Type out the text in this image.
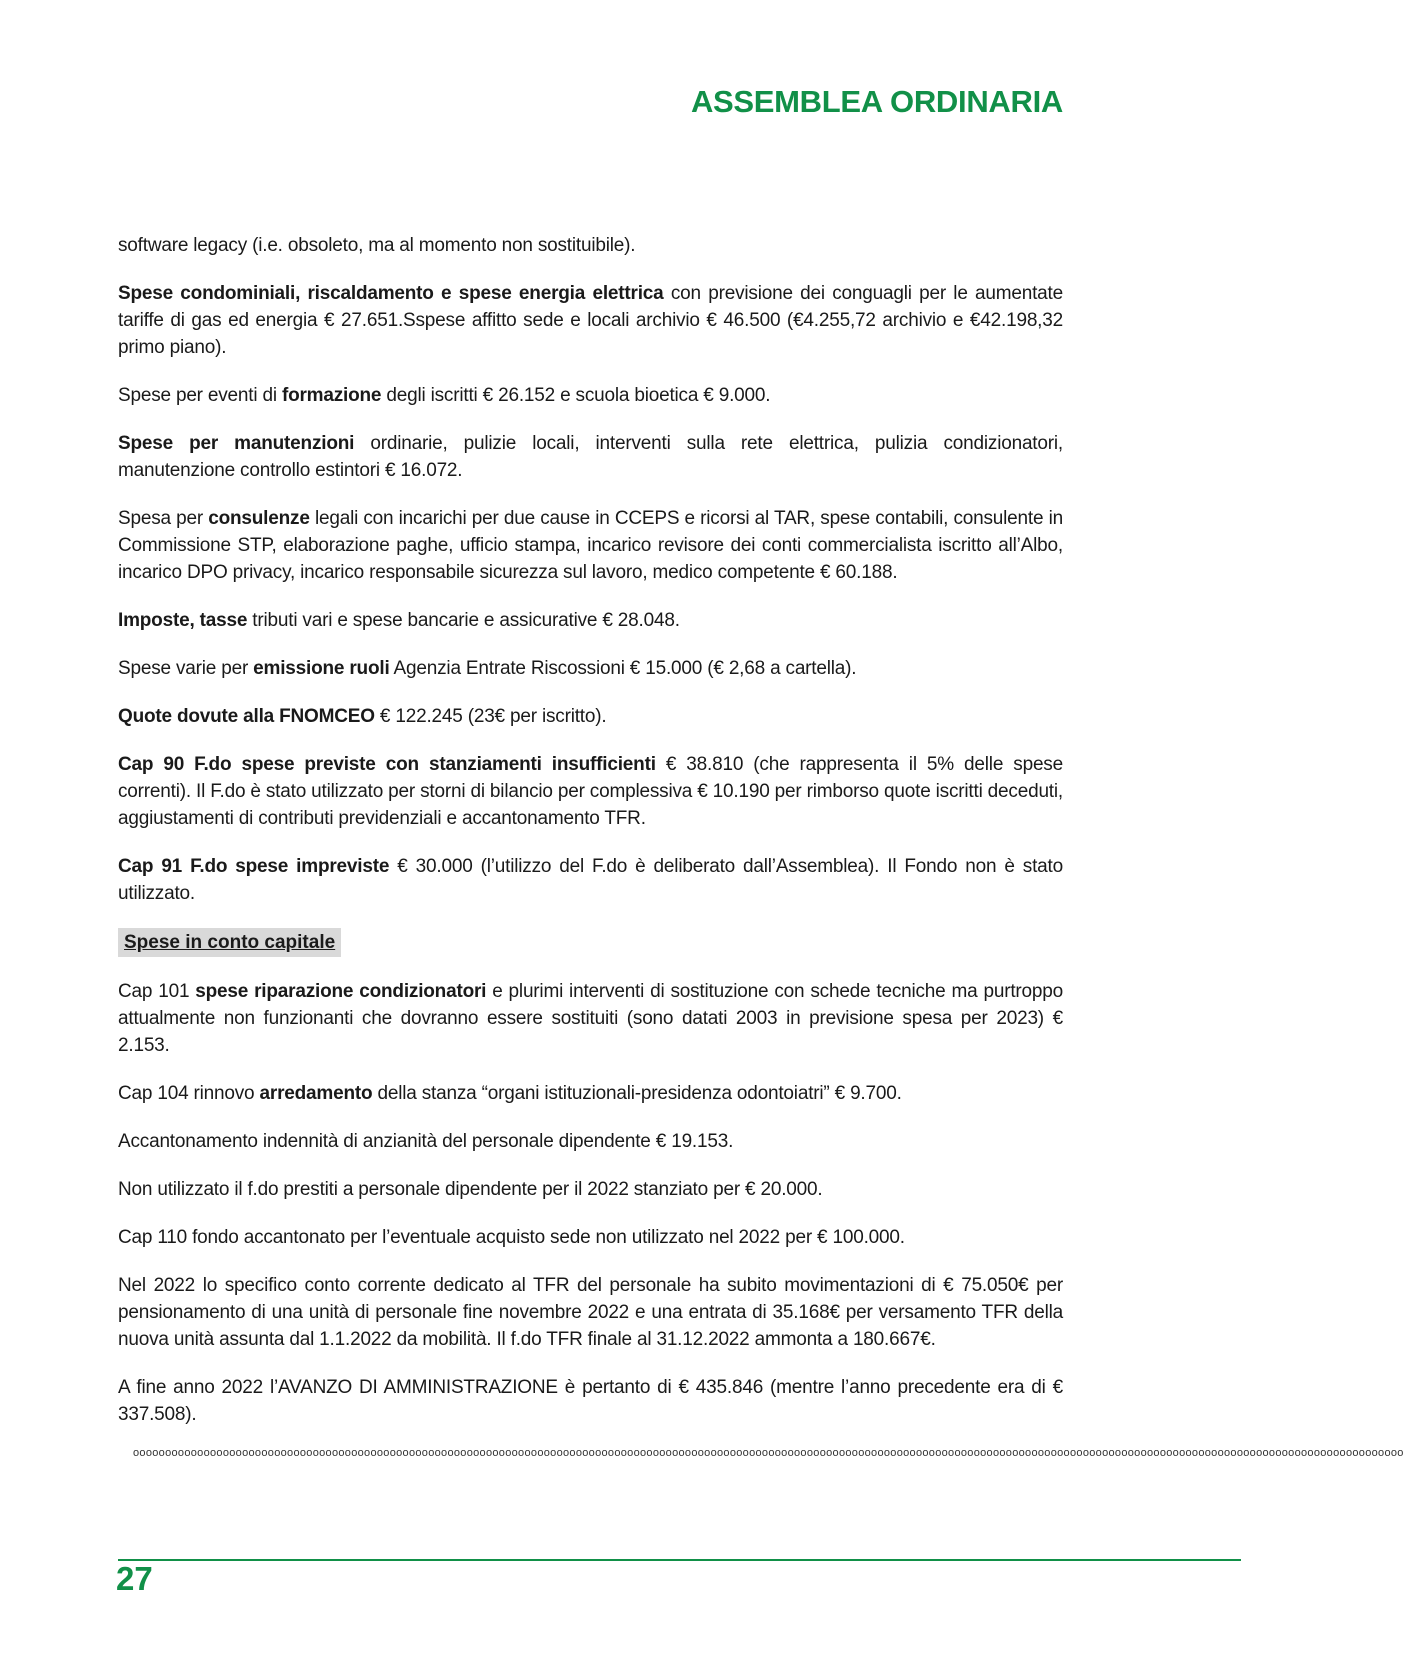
ASSEMBLEA ORDINARIA

software legacy (i.e. obsoleto, ma al momento non sostituibile).

Spese condominiali, riscaldamento e spese energia elettrica con previsione dei conguagli per le aumentate tariffe di gas ed energia € 27.651.Sspese affitto sede e locali archivio € 46.500 (€4.255,72 archivio e €42.198,32 primo piano).

Spese per eventi di formazione degli iscritti € 26.152 e scuola bioetica € 9.000.

Spese per manutenzioni ordinarie, pulizie locali, interventi sulla rete elettrica, pulizia condizionatori, manutenzione controllo estintori € 16.072.

Spesa per consulenze legali con incarichi per due cause in CCEPS e ricorsi al TAR, spese contabili, consulente in Commissione STP, elaborazione paghe, ufficio stampa, incarico revisore dei conti commercialista iscritto all’Albo, incarico DPO privacy, incarico responsabile sicurezza sul lavoro, medico competente € 60.188.

Imposte, tasse tributi vari e spese bancarie e assicurative € 28.048.

Spese varie per emissione ruoli Agenzia Entrate Riscossioni € 15.000 (€ 2,68 a cartella).

Quote dovute alla FNOMCEO € 122.245 (23€ per iscritto).

Cap 90 F.do spese previste con stanziamenti insufficienti € 38.810 (che rappresenta il 5% delle spese correnti). Il F.do è stato utilizzato per storni di bilancio per complessiva € 10.190 per rimborso quote iscritti deceduti, aggiustamenti di contributi previdenziali e accantonamento TFR.

Cap 91 F.do spese impreviste € 30.000 (l’utilizzo del F.do è deliberato dall’Assemblea). Il Fondo non è stato utilizzato.

Spese in conto capitale

Cap 101 spese riparazione condizionatori e plurimi interventi di sostituzione con schede tecniche ma purtroppo attualmente non funzionanti che dovranno essere sostituiti (sono datati 2003 in previsione spesa per 2023) € 2.153.

Cap 104 rinnovo arredamento della stanza “organi istituzionali-presidenza odontoiatri” € 9.700.

Accantonamento indennità di anzianità del personale dipendente € 19.153.

Non utilizzato il f.do prestiti a personale dipendente per il 2022 stanziato per € 20.000.

Cap 110 fondo accantonato per l’eventuale acquisto sede non utilizzato nel 2022 per € 100.000.

Nel 2022 lo specifico conto corrente dedicato al TFR del personale ha subito movimentazioni di € 75.050€ per pensionamento di una unità di personale fine novembre 2022 e una entrata di 35.168€ per versamento TFR della nuova unità assunta dal 1.1.2022 da mobilità. Il f.do TFR finale al 31.12.2022 ammonta a 180.667€.

A fine anno 2022 l’AVANZO DI AMMINISTRAZIONE è pertanto di € 435.846 (mentre l’anno precedente era di € 337.508).

oooooooooooooooooooooooooooooooooooooooooooooooooooooooooooooooooooooooooooooooooooooooooooooooooooooooooooooooooooooooooooooooooooooooooooooooooooooooooooooooooooooooooooooooooooooooooooooooooooooo
27
